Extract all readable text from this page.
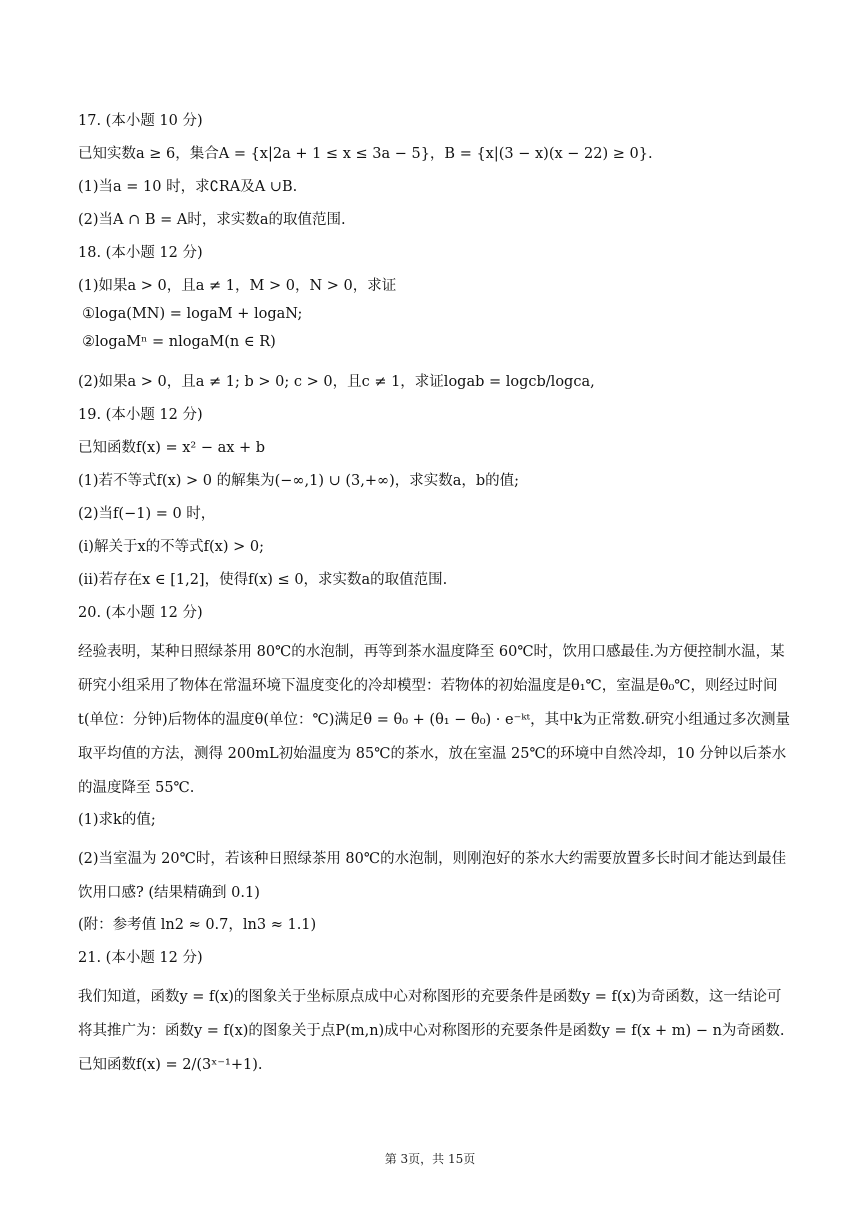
17. (本小题 10 分)
已知实数a ≥ 6，集合A = {x|2a + 1 ≤ x ≤ 3a − 5}，B = {x|(3 − x)(x − 22) ≥ 0}.
(1)当a = 10 时，求∁RA及A ∪B.
(2)当A ∩ B = A时，求实数a的取值范围.
18. (本小题 12 分)
(1)如果a > 0，且a ≠ 1，M > 0，N > 0，求证
①loga(MN) = logaM + logaN;
②logaMⁿ = nlogaM(n ∈ R)
(2)如果a > 0，且a ≠ 1; b > 0; c > 0，且c ≠ 1，求证logab = logcb/logca,
19. (本小题 12 分)
已知函数f(x) = x² − ax + b
(1)若不等式f(x) > 0 的解集为(−∞,1) ∪ (3,+∞)，求实数a，b的值;
(2)当f(−1) = 0 时，
(i)解关于x的不等式f(x) > 0;
(ii)若存在x ∈ [1,2]，使得f(x) ≤ 0，求实数a的取值范围.
20. (本小题 12 分)
经验表明，某种日照绿茶用 80℃的水泡制，再等到茶水温度降至 60℃时，饮用口感最佳.为方便控制水温，某研究小组采用了物体在常温环境下温度变化的冷却模型：若物体的初始温度是θ₁℃，室温是θ₀℃，则经过时间t(单位：分钟)后物体的温度θ(单位：℃)满足θ = θ₀ + (θ₁ − θ₀) · e⁻ᵏᵗ，其中k为正常数.研究小组通过多次测量取平均值的方法，测得 200mL初始温度为 85℃的茶水，放在室温 25℃的环境中自然冷却，10 分钟以后茶水的温度降至 55℃.
(1)求k的值;
(2)当室温为 20℃时，若该种日照绿茶用 80℃的水泡制，则刚泡好的茶水大约需要放置多长时间才能达到最佳饮用口感? (结果精确到 0.1)
(附：参考值 ln2 ≈ 0.7，ln3 ≈ 1.1)
21. (本小题 12 分)
我们知道，函数y = f(x)的图象关于坐标原点成中心对称图形的充要条件是函数y = f(x)为奇函数，这一结论可将其推广为：函数y = f(x)的图象关于点P(m,n)成中心对称图形的充要条件是函数y = f(x + m) − n为奇函数.已知函数f(x) = 2/(3ˣ⁻¹+1).
第 3页，共 15页
